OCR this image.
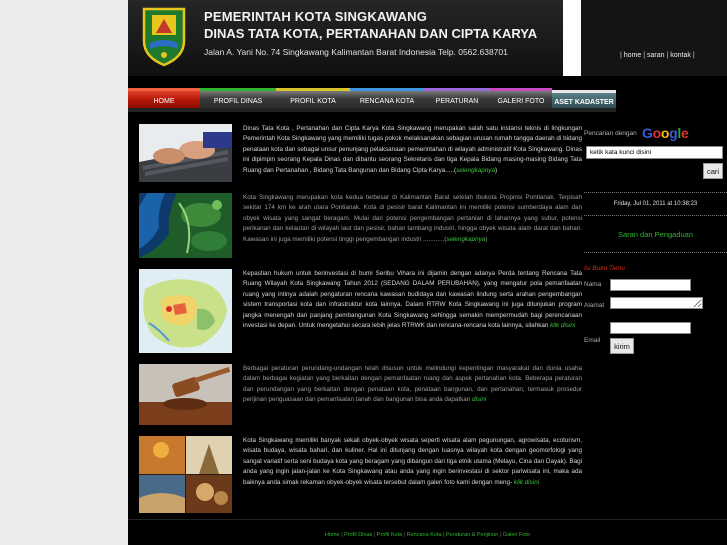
PEMERINTAH KOTA SINGKAWANG
DINAS TATA KOTA, PERTANAHAN DAN CIPTA KARYA
Jalan A. Yani No. 74 Singkawang Kalimantan Barat Indonesia Telp. 0562.638701	| home | saran | kontak |
HOME	PROFIL DINAS	PROFIL KOTA	RENCANA KOTA	PERATURAN	GALERI FOTO	ASET KADASTER
Dinas Tata Kota , Pertanahan dan Cipta Karya Kota Singkawang merupakan salah satu instansi teknis di lingkungan Pemerintah Kota Singkawang yang memiliki tugas pokok melaksanakan sebagian urusan rumah tangga daerah di bidang penataan kota dan sebagai unsur penunjang pelaksanaan pemerintahan di wilayah administratif Kota Singkawang. Dinas ini dipimpin seorang Kepala Dinas dan dibantu seorang Sekretaris dan tiga Kepala Bidang masing-masing Bidang Tata Ruang dan Pertanahan , Bidang Tata Bangunan dan Bidang Cipta Karya.....(selengkapnya)
Kota Singkawang merupakan kota kedua terbesar di Kalimantan Barat setelah Ibukota Propinsi Pontianak. Terpisah sekitar 174 km ke arah utara Pontianak. Kota di pesisir barat Kalimantan ini memiliki potensi sumberdaya alam dan obyek wisata yang sangat beragam. Mulai dari potensi pengembangan pertanian di lahannya yang subur, potensi perikanan dan kelautan di wilayah laut dan pesisir, bahan tambang industri, hingga obyek wisata alam darat dan bahari. Kawasan ini juga memiliki potensi tinggi pengembangan industri ............(selengkapnya)
Kepastian hukum untuk berinvestasi di bumi Seribu Vihara ini dijamin dengan adanya Perda tentang Rencana Tata Ruang Wilayah Kota Singkawang Tahun 2012 (SEDANG DALAM PERUBAHAN), yang mengatur pola pemanfaatan ruang yang intinya adalah pengaturan rencana kawasan budidaya dan kawasan lindung serta arahan pengembangan sistem transportasi kota dan infrastruktur kota lainnya. Dalam RTRW Kota Singkawang ini juga ditunjukan program jangka menengah dan panjang pembangunan Kota Singkawang sehingga semakin mempermudah bagi perencanaan investasi ke depan. Untuk mengetahui secara lebih jelas RTRWK dan rencana-rencana kota lainnya, silahkan klik disini
Berbagai peraturan perundang-undangan telah disusun untuk melindungi kepentingan masyarakat dan dunia usaha dalam berbagai kegiatan yang berkaitan dengan pemanfaatan ruang dan aspek pertanahan kota. Beberapa peraturan dan perundangan yang berkaitan dengan penataan kota, penataan bangunan, dan pertanahan, termasuk prosedur perijinan penguasaan dan pemanfaatan tanah dan bangunan bisa anda dapatkan disini
Kota Singkawang memiliki banyak sekali obyek-obyek wisata seperti wisata alam pegunungan, agrowisata, ecoturism, wisata budaya, wisata bahari, dan kuliner. Hal ini ditunjang dengan luasnya wilayah kota dengan geomorfologi yang sangat variatif serta seni budaya kota yang beragam yang dibangun dari tiga etnik utama (Melayu, Cina dan Dayak). Bagi anda yang ingin jalan-jalan ke Kota Singkawang atau anda yang ingin berinvestasi di sektor pariwisata ini, maka ada baiknya anda simak rekaman obyek-obyek wisata tersebut dalam galeri foto kami dengan meng- klik disini
Pencarian dengan Google
ketik kata kunci disini
cari
Friday, Jul 01, 2011 at 10:38:23
Saran dan Pengaduan
Isi Buku Tamu
Nama
Alamat
Email
kirim
Home | Profil Dinas | Profil Kota | Rencana Kota | Peraturan & Perijinan | Galeri Foto
